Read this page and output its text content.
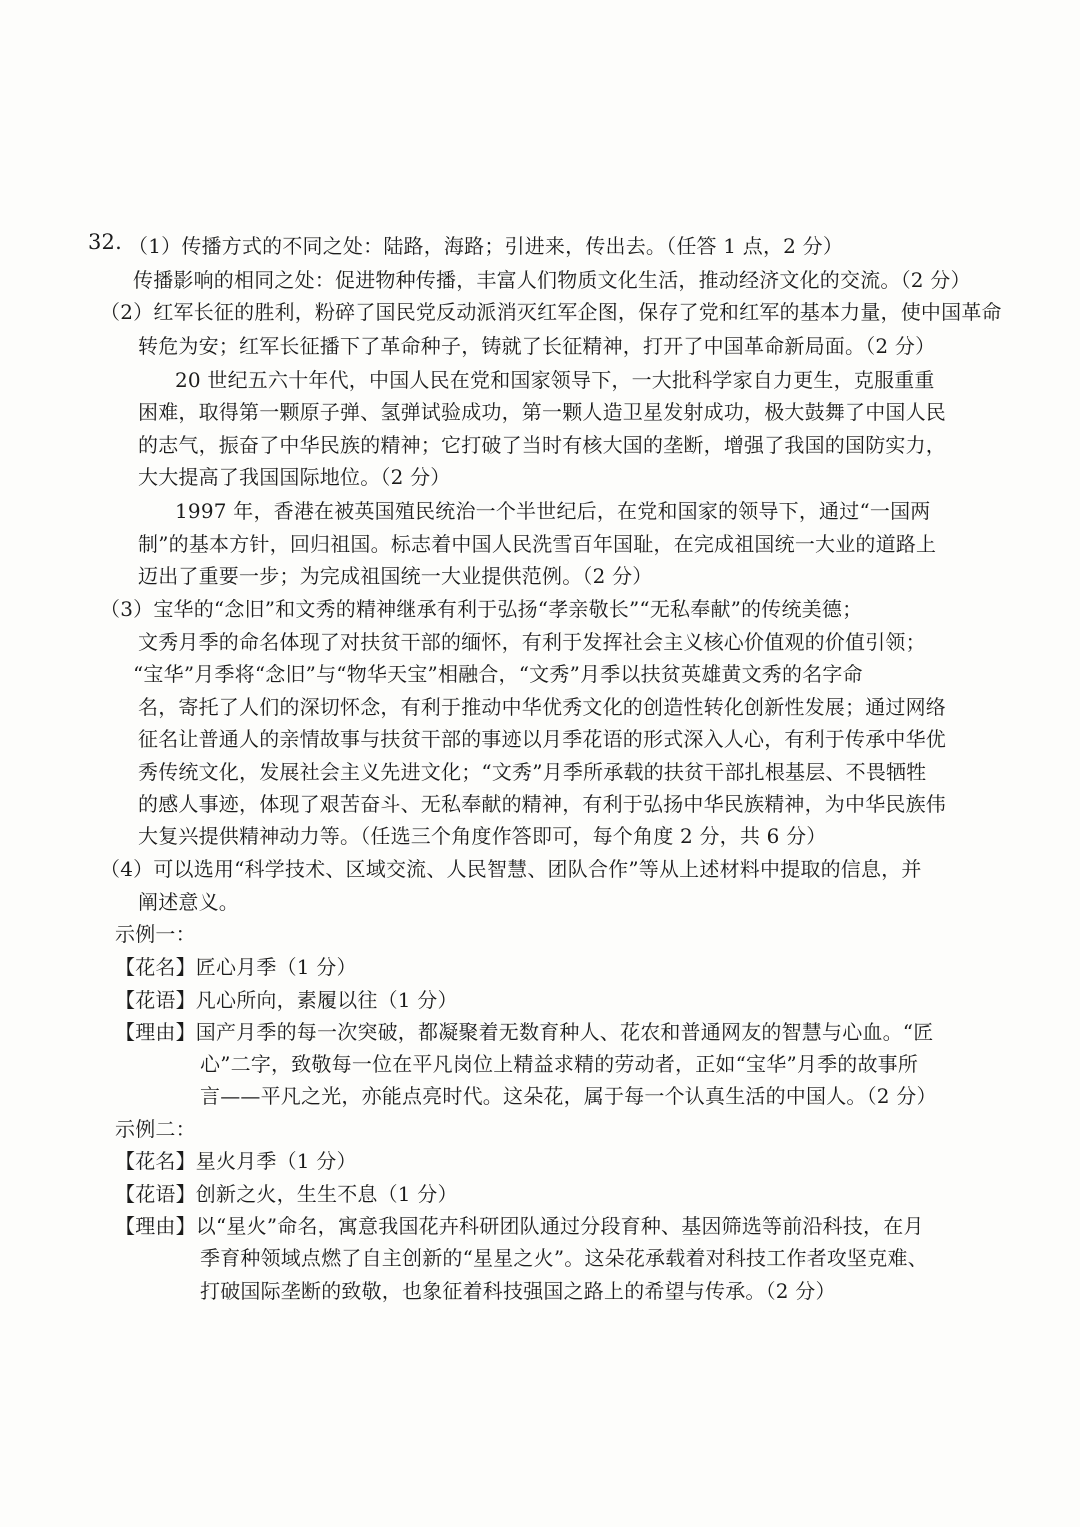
32. （1）传播方式的不同之处：陆路，海路；引进来，传出去。（任答 1 点，2 分）
传播影响的相同之处：促进物种传播，丰富人们物质文化生活，推动经济文化的交流。（2 分）
（2）红军长征的胜利，粉碎了国民党反动派消灭红军企图，保存了党和红军的基本力量，使中国革命
转危为安；红军长征播下了革命种子，铸就了长征精神，打开了中国革命新局面。（2 分）
20 世纪五六十年代，中国人民在党和国家领导下，一大批科学家自力更生，克服重重
困难，取得第一颗原子弹、氢弹试验成功，第一颗人造卫星发射成功，极大鼓舞了中国人民
的志气，振奋了中华民族的精神；它打破了当时有核大国的垄断，增强了我国的国防实力，
大大提高了我国国际地位。（2 分）
1997 年，香港在被英国殖民统治一个半世纪后，在党和国家的领导下，通过“一国两
制”的基本方针，回归祖国。标志着中国人民洗雪百年国耻，在完成祖国统一大业的道路上
迈出了重要一步；为完成祖国统一大业提供范例。（2 分）
（3）宝华的“念旧”和文秀的精神继承有利于弘扬“孝亲敬长”“无私奉献”的传统美德；
文秀月季的命名体现了对扶贫干部的缅怀，有利于发挥社会主义核心价值观的价值引领；
“宝华”月季将“念旧”与“物华天宝”相融合，“文秀”月季以扶贫英雄黄文秀的名字命
名，寄托了人们的深切怀念，有利于推动中华优秀文化的创造性转化创新性发展；通过网络
征名让普通人的亲情故事与扶贫干部的事迹以月季花语的形式深入人心，有利于传承中华优
秀传统文化，发展社会主义先进文化；“文秀”月季所承载的扶贫干部扎根基层、不畏牺牲
的感人事迹，体现了艰苦奋斗、无私奉献的精神，有利于弘扬中华民族精神，为中华民族伟
大复兴提供精神动力等。（任选三个角度作答即可，每个角度 2 分，共 6 分）
（4）可以选用“科学技术、区域交流、人民智慧、团队合作”等从上述材料中提取的信息，并
阐述意义。
示例一：
【花名】匠心月季（1 分）
【花语】凡心所向，素履以往（1 分）
【理由】国产月季的每一次突破，都凝聚着无数育种人、花农和普通网友的智慧与心血。“匠
心”二字，致敬每一位在平凡岗位上精益求精的劳动者，正如“宝华”月季的故事所
言——平凡之光，亦能点亮时代。这朵花，属于每一个认真生活的中国人。（2 分）
示例二：
【花名】星火月季（1 分）
【花语】创新之火，生生不息（1 分）
【理由】以“星火”命名，寓意我国花卉科研团队通过分段育种、基因筛选等前沿科技，在月
季育种领域点燃了自主创新的“星星之火”。这朵花承载着对科技工作者攻坚克难、
打破国际垄断的致敬，也象征着科技强国之路上的希望与传承。（2 分）
